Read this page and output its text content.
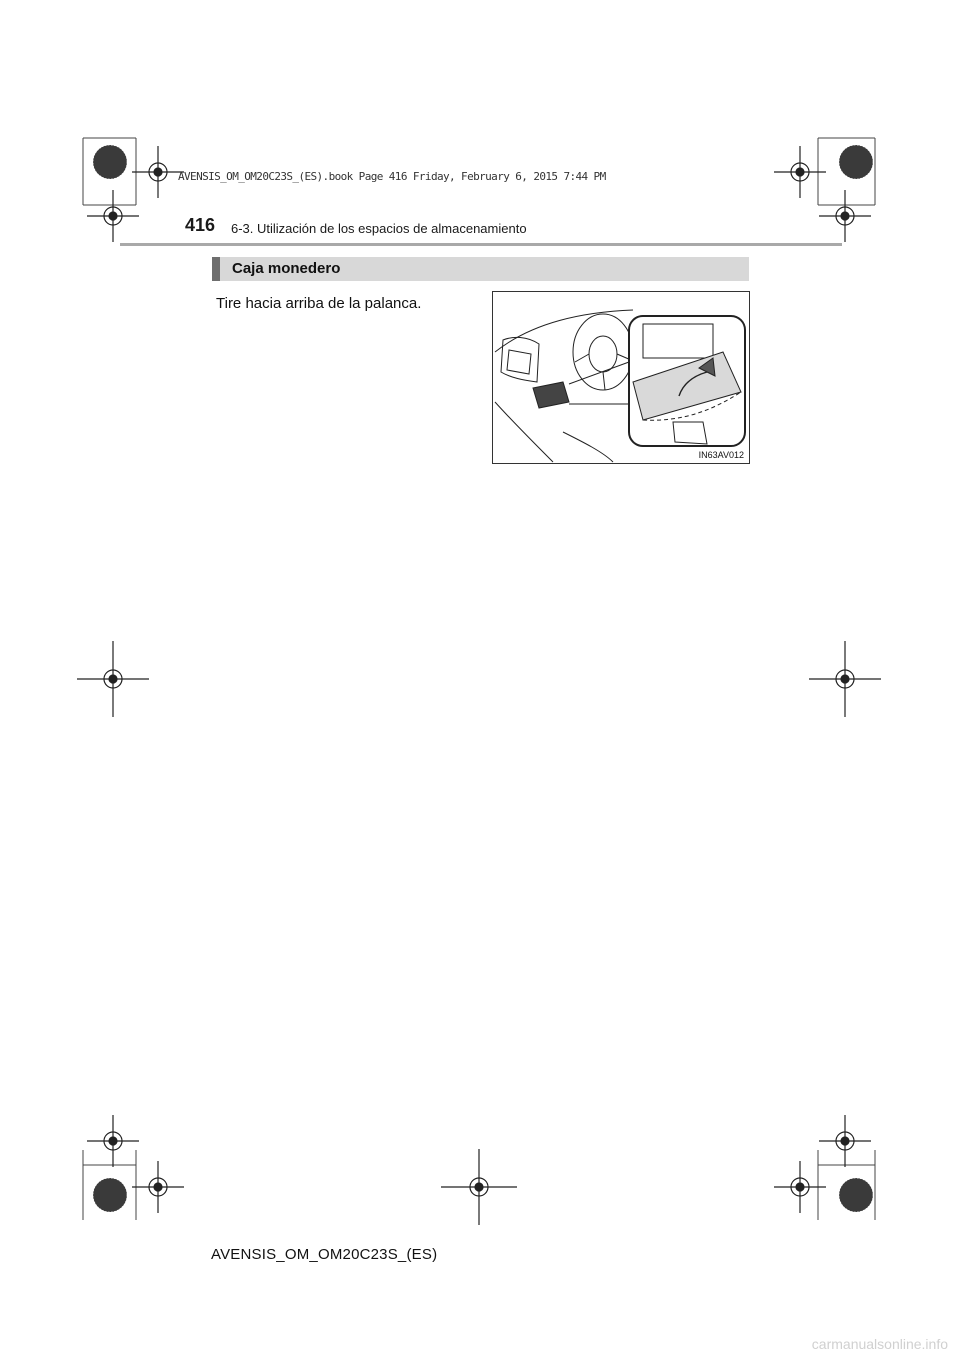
AVENSIS_OM_OM20C23S_(ES).book Page 416 Friday, February 6, 2015 7:44 PM
416 6-3. Utilización de los espacios de almacenamiento
Caja monedero
Tire hacia arriba de la palanca.
IN63AV012
AVENSIS_OM_OM20C23S_(ES)
carmanualsonline.info
